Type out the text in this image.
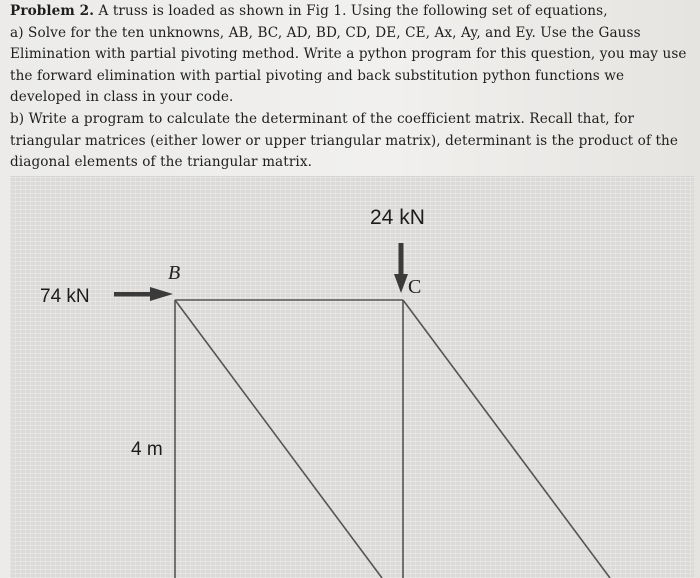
Problem 2. A truss is loaded as shown in Fig 1. Using the following set of equations,

a) Solve for the ten unknowns, AB, BC, AD, BD, CD, DE, CE, Ax, Ay, and Ey. Use the Gauss Elimination with partial pivoting method. Write a python program for this question, you may use the forward elimination with partial pivoting and back substitution python functions we developed in class in your code.

b) Write a program to calculate the determinant of the coefficient matrix. Recall that, for triangular matrices (either lower or upper triangular matrix), determinant is the product of the diagonal elements of the triangular matrix.

24 kN
74 kN
B
C
4 m
